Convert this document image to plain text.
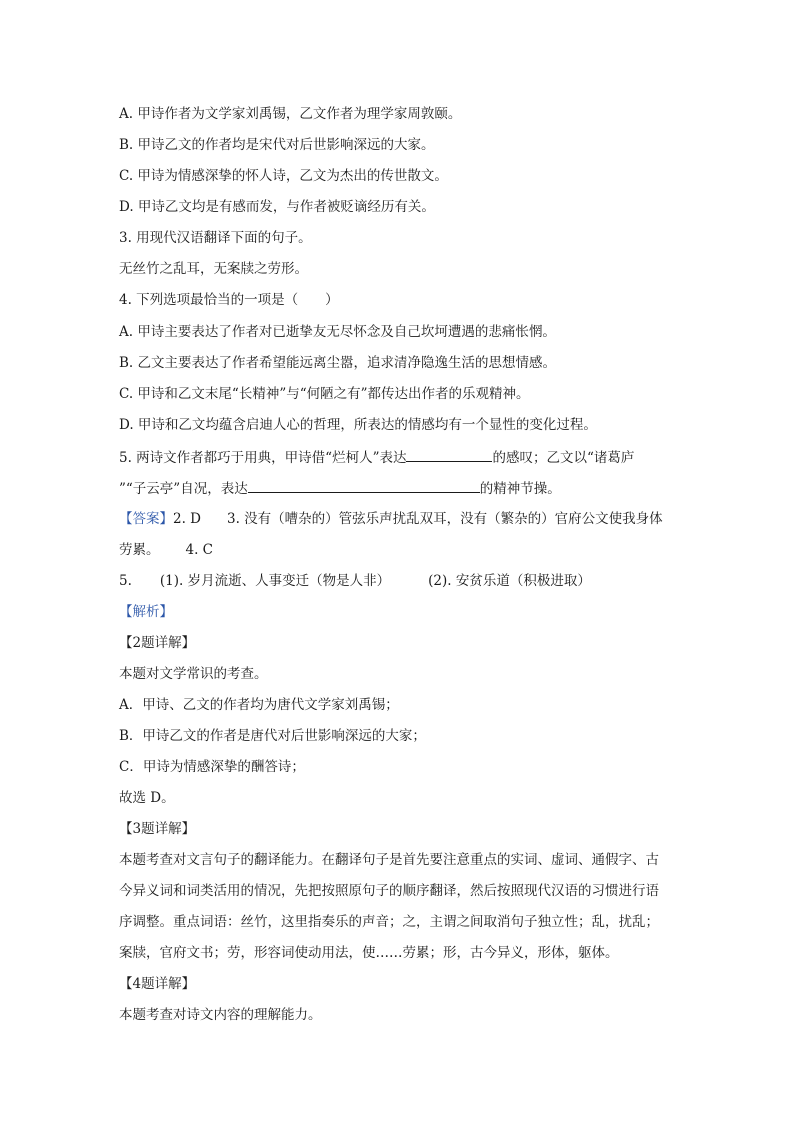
A. 甲诗作者为文学家刘禹锡，乙文作者为理学家周敦颐。
B. 甲诗乙文的作者均是宋代对后世影响深远的大家。
C. 甲诗为情感深挚的怀人诗，乙文为杰出的传世散文。
D. 甲诗乙文均是有感而发，与作者被贬谪经历有关。
3. 用现代汉语翻译下面的句子。
无丝竹之乱耳，无案牍之劳形。
4. 下列选项最恰当的一项是（　　）
A. 甲诗主要表达了作者对已逝挚友无尽怀念及自己坎坷遭遇的悲痛怅惘。
B. 乙文主要表达了作者希望能远离尘嚣，追求清净隐逸生活的思想情感。
C. 甲诗和乙文末尾“长精神”与“何陋之有”都传达出作者的乐观精神。
D. 甲诗和乙文均蕴含启迪人心的哲理，所表达的情感均有一个显性的变化过程。
5. 两诗文作者都巧于用典，甲诗借“烂柯人”表达	的感叹；乙文以“诸葛庐
”“子云亭”自况，表达	的精神节操。
【答案】2. D 3. 没有（嘈杂的）管弦乐声扰乱双耳，没有（繁杂的）官府公文使我身体
劳累。 4. C
5. (1). 岁月流逝、人事变迁（物是人非）	(2). 安贫乐道（积极进取）
【解析】
【2题详解】
本题对文学常识的考查。
A．甲诗、乙文的作者均为唐代文学家刘禹锡；
B．甲诗乙文的作者是唐代对后世影响深远的大家；
C．甲诗为情感深挚的酬答诗；
故选 D。
【3题详解】
本题考查对文言句子的翻译能力。在翻译句子是首先要注意重点的实词、虚词、通假字、古
今异义词和词类活用的情况，先把按照原句子的顺序翻译，然后按照现代汉语的习惯进行语
序调整。重点词语：丝竹，这里指奏乐的声音；之，主谓之间取消句子独立性；乱，扰乱；
案牍，官府文书；劳，形容词使动用法，使……劳累；形，古今异义，形体，躯体。
【4题详解】
本题考查对诗文内容的理解能力。
